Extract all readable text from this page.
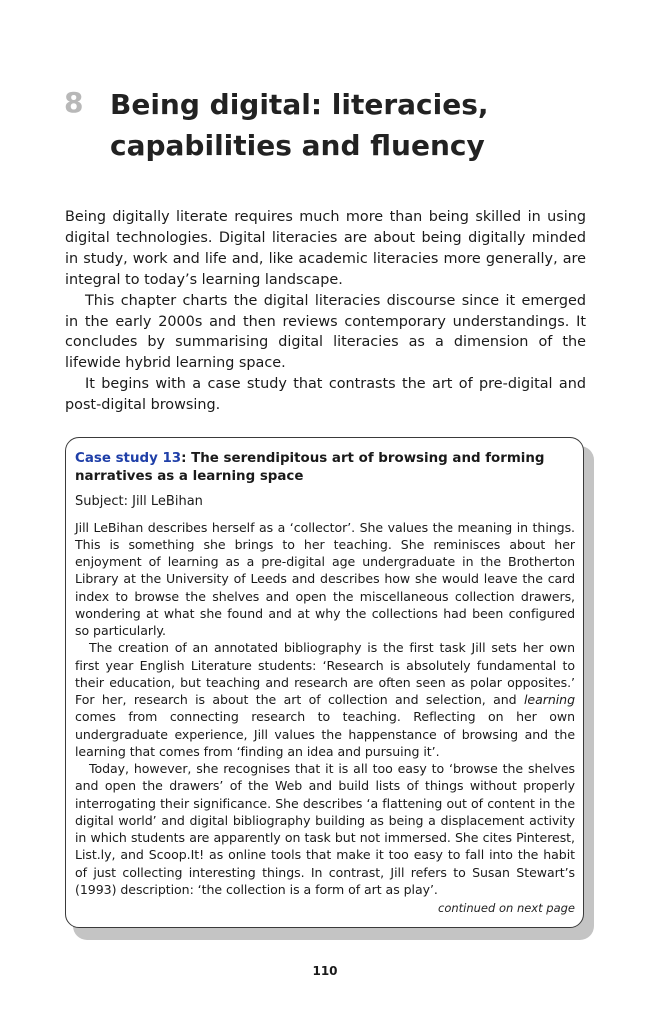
8 Being digital: literacies, capabilities and fluency

Being digitally literate requires much more than being skilled in using digital technologies. Digital literacies are about being digitally minded in study, work and life and, like academic literacies more generally, are integral to today’s learning landscape.

This chapter charts the digital literacies discourse since it emerged in the early 2000s and then reviews contemporary understandings. It concludes by summarising digital literacies as a dimension of the lifewide hybrid learning space.

It begins with a case study that contrasts the art of pre-digital and post-digital browsing.

Case study 13: The serendipitous art of browsing and forming narratives as a learning space

Subject: Jill LeBihan

Jill LeBihan describes herself as a ‘collector’. She values the meaning in things. This is something she brings to her teaching. She reminisces about her enjoyment of learning as a pre-digital age undergraduate in the Brotherton Library at the University of Leeds and describes how she would leave the card index to browse the shelves and open the miscellaneous collection drawers, wondering at what she found and at why the collections had been configured so particularly.

The creation of an annotated bibliography is the first task Jill sets her own first year English Literature students: ‘Research is absolutely fundamental to their education, but teaching and research are often seen as polar opposites.’ For her, research is about the art of collection and selection, and learning comes from connecting research to teaching. Reflecting on her own undergraduate experience, Jill values the happenstance of browsing and the learning that comes from ‘finding an idea and pursuing it’.

Today, however, she recognises that it is all too easy to ‘browse the shelves and open the drawers’ of the Web and build lists of things without properly interrogating their significance. She describes ‘a flattening out of content in the digital world’ and digital bibliography building as being a displacement activity in which students are apparently on task but not immersed. She cites Pinterest, List.ly, and Scoop.It! as online tools that make it too easy to fall into the habit of just collecting interesting things. In contrast, Jill refers to Susan Stewart’s (1993) description: ‘the collection is a form of art as play’.

continued on next page
110
